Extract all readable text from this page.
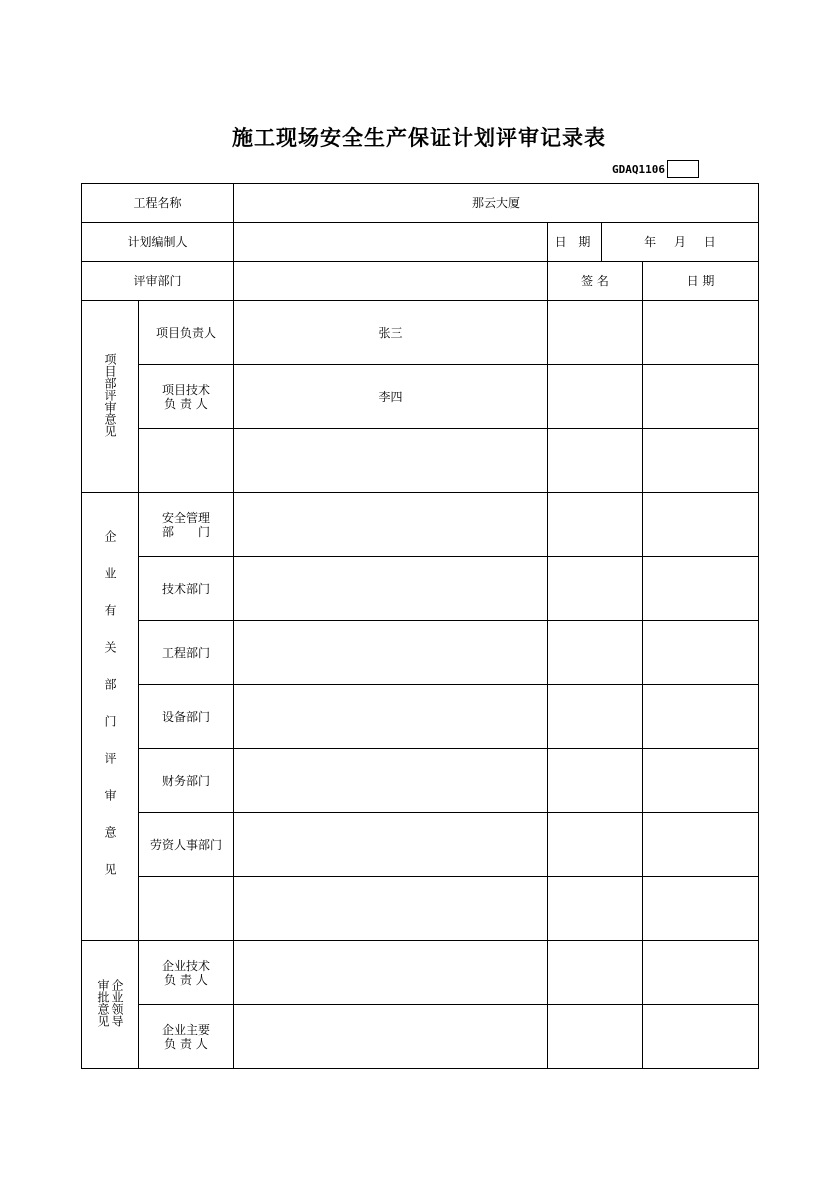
施工现场安全生产保证计划评审记录表
GDAQ1106
工程名称		那云大厦			
计划编制人			日 期	年 月 日	
评审部门			签 名		日 期
项目部评审意见	项目负责人	张三			

	项目技术
负 责 人	李四			

企业有关部门评审意见	安全管理
部　　门				

	技术部门				
	工程部门				
	设备部门				
	财务部门				
	劳资人事部门				

企业领导审批意见	企业技术
负 责 人				

	企业主要
负 责 人				
